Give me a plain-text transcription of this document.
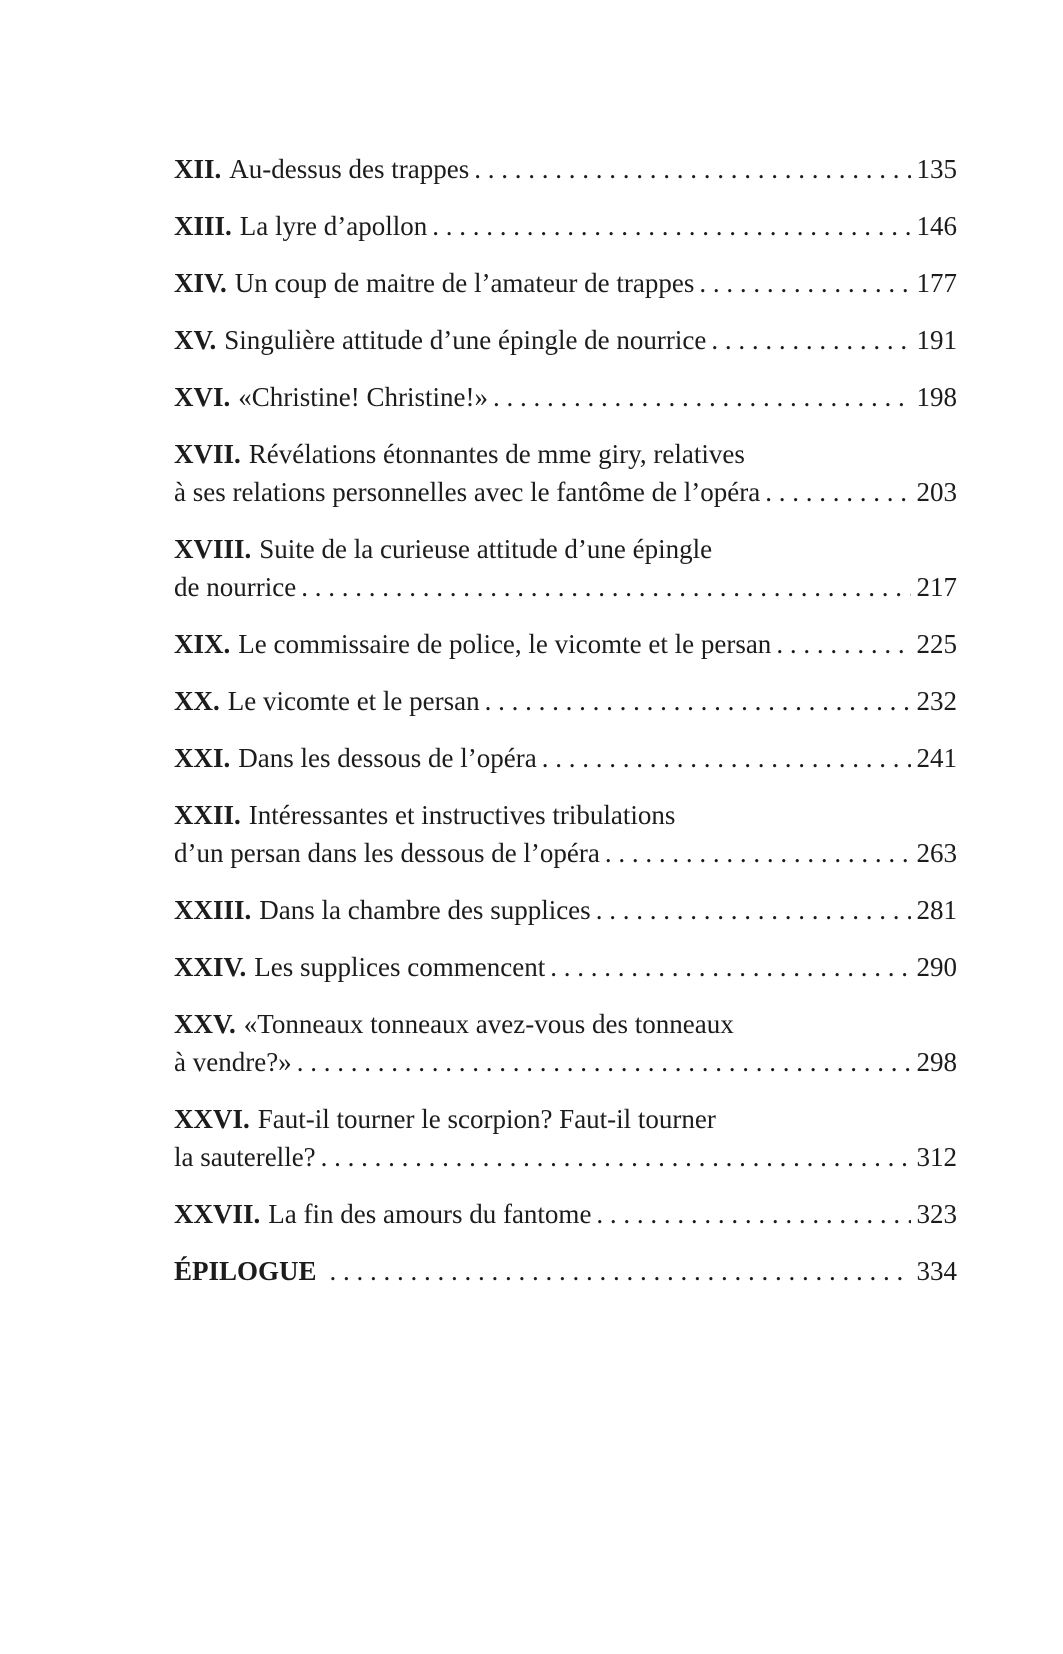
XII. Au-dessus des trappes . . .	135
XIII. La lyre d’apollon . . .	146
XIV. Un coup de maitre de l’amateur de trappes . . .	177
XV. Singulière attitude d’une épingle de nourrice . . .	191
XVI. «Christine! Christine!» . . .	198
XVII. Révélations étonnantes de mme giry, relatives
à ses relations personnelles avec le fantôme de l’opéra . . .	203
XVIII. Suite de la curieuse attitude d’une épingle
de nourrice . . .	217
XIX. Le commissaire de police, le vicomte et le persan . . .	225
XX. Le vicomte et le persan . . .	232
XXI. Dans les dessous de l’opéra . . .	241
XXII. Intéressantes et instructives tribulations
d’un persan dans les dessous de l’opéra . . .	263
XXIII. Dans la chambre des supplices . . .	281
XXIV. Les supplices commencent . . .	290
XXV. «Tonneaux tonneaux avez-vous des tonneaux
à vendre?» . . .	298
XXVI. Faut-il tourner le scorpion? Faut-il tourner
la sauterelle? . . .	312
XXVII. La fin des amours du fantome . . .	323
ÉPILOGUE . . .	334
